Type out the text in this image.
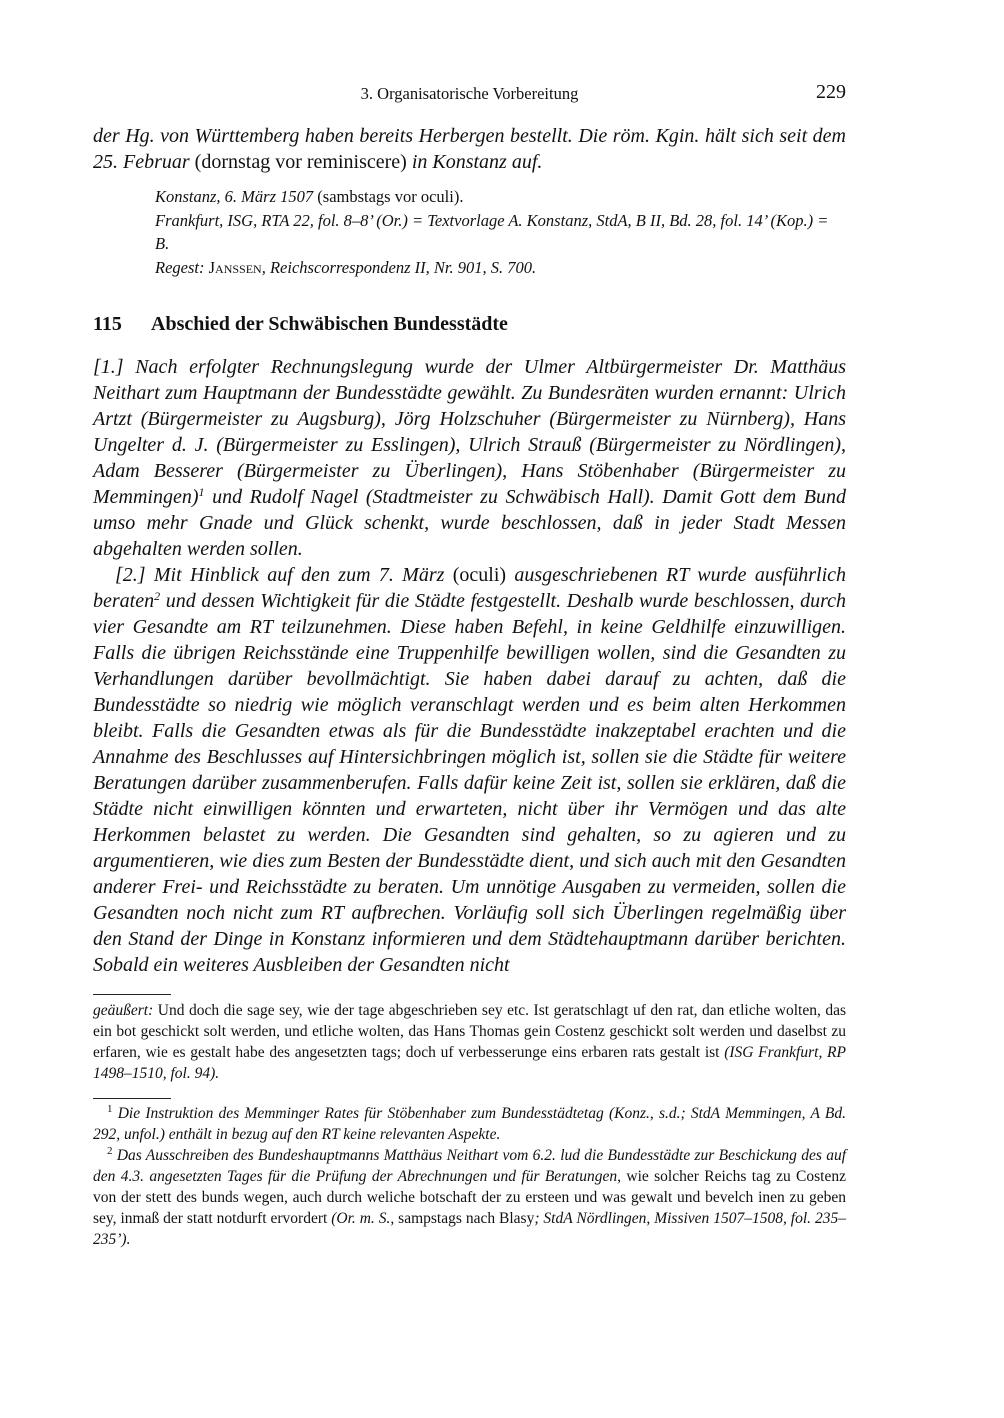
3. Organisatorische Vorbereitung	229

der Hg. von Württemberg haben bereits Herbergen bestellt. Die röm. Kgin. hält sich seit dem 25. Februar (dornstag vor reminiscere) in Konstanz auf.

Konstanz, 6. März 1507 (sambstags vor oculi).

Frankfurt, ISG, RTA 22, fol. 8–8’ (Or.) = Textvorlage A. Konstanz, StdA, B II, Bd. 28, fol. 14’ (Kop.) = B.

Regest: Janssen, Reichscorrespondenz II, Nr. 901, S. 700.

115 Abschied der Schwäbischen Bundesstädte

[1.] Nach erfolgter Rechnungslegung wurde der Ulmer Altbürgermeister Dr. Matthäus Neithart zum Hauptmann der Bundesstädte gewählt. Zu Bundesräten wurden ernannt: Ulrich Artzt (Bürgermeister zu Augsburg), Jörg Holzschuher (Bürgermeister zu Nürnberg), Hans Ungelter d. J. (Bürgermeister zu Esslingen), Ulrich Strauß (Bürgermeister zu Nördlingen), Adam Besserer (Bürgermeister zu Überlingen), Hans Stöbenhaber (Bürgermeister zu Memmingen)$^1$ und Rudolf Nagel (Stadtmeister zu Schwäbisch Hall). Damit Gott dem Bund umso mehr Gnade und Glück schenkt, wurde beschlossen, daß in jeder Stadt Messen abgehalten werden sollen.

[2.] Mit Hinblick auf den zum 7. März (oculi) ausgeschriebenen RT wurde ausführlich beraten$^2$ und dessen Wichtigkeit für die Städte festgestellt. Deshalb wurde beschlossen, durch vier Gesandte am RT teilzunehmen. Diese haben Befehl, in keine Geldhilfe einzuwilligen. Falls die übrigen Reichsstände eine Truppenhilfe bewilligen wollen, sind die Gesandten zu Verhandlungen darüber bevollmächtigt. Sie haben dabei darauf zu achten, daß die Bundesstädte so niedrig wie möglich veranschlagt werden und es beim alten Herkommen bleibt. Falls die Gesandten etwas als für die Bundesstädte inakzeptabel erachten und die Annahme des Beschlusses auf Hintersichbringen möglich ist, sollen sie die Städte für weitere Beratungen darüber zusammenberufen. Falls dafür keine Zeit ist, sollen sie erklären, daß die Städte nicht einwilligen könnten und erwarteten, nicht über ihr Vermögen und das alte Herkommen belastet zu werden. Die Gesandten sind gehalten, so zu agieren und zu argumentieren, wie dies zum Besten der Bundesstädte dient, und sich auch mit den Gesandten anderer Frei- und Reichsstädte zu beraten. Um unnötige Ausgaben zu vermeiden, sollen die Gesandten noch nicht zum RT aufbrechen. Vorläufig soll sich Überlingen regelmäßig über den Stand der Dinge in Konstanz informieren und dem Städtehauptmann darüber berichten. Sobald ein weiteres Ausbleiben der Gesandten nicht

geäußert: Und doch die sage sey, wie der tage abgeschrieben sey etc. Ist geratschlagt uf den rat, dan etliche wolten, das ein bot geschickt solt werden, und etliche wolten, das Hans Thomas gein Costenz geschickt solt werden und daselbst zu erfaren, wie es gestalt habe des angesetzten tags; doch uf verbesserunge eins erbaren rats gestalt ist (ISG Frankfurt, RP 1498–1510, fol. 94).

$^1$ Die Instruktion des Memminger Rates für Stöbenhaber zum Bundesstädtetag (Konz., s.d.; StdA Memmingen, A Bd. 292, unfol.) enthält in bezug auf den RT keine relevanten Aspekte.

$^2$ Das Ausschreiben des Bundeshauptmanns Matthäus Neithart vom 6.2. lud die Bundesstädte zur Beschickung des auf den 4.3. angesetzten Tages für die Prüfung der Abrechnungen und für Beratungen, wie solcher Reichs tag zu Costenz von der stett des bunds wegen, auch durch weliche botschaft der zu ersteen und was gewalt und bevelch inen zu geben sey, inmaß der statt notdurft ervordert (Or. m. S., sampstags nach Blasy; StdA Nördlingen, Missiven 1507–1508, fol. 235–235’).
